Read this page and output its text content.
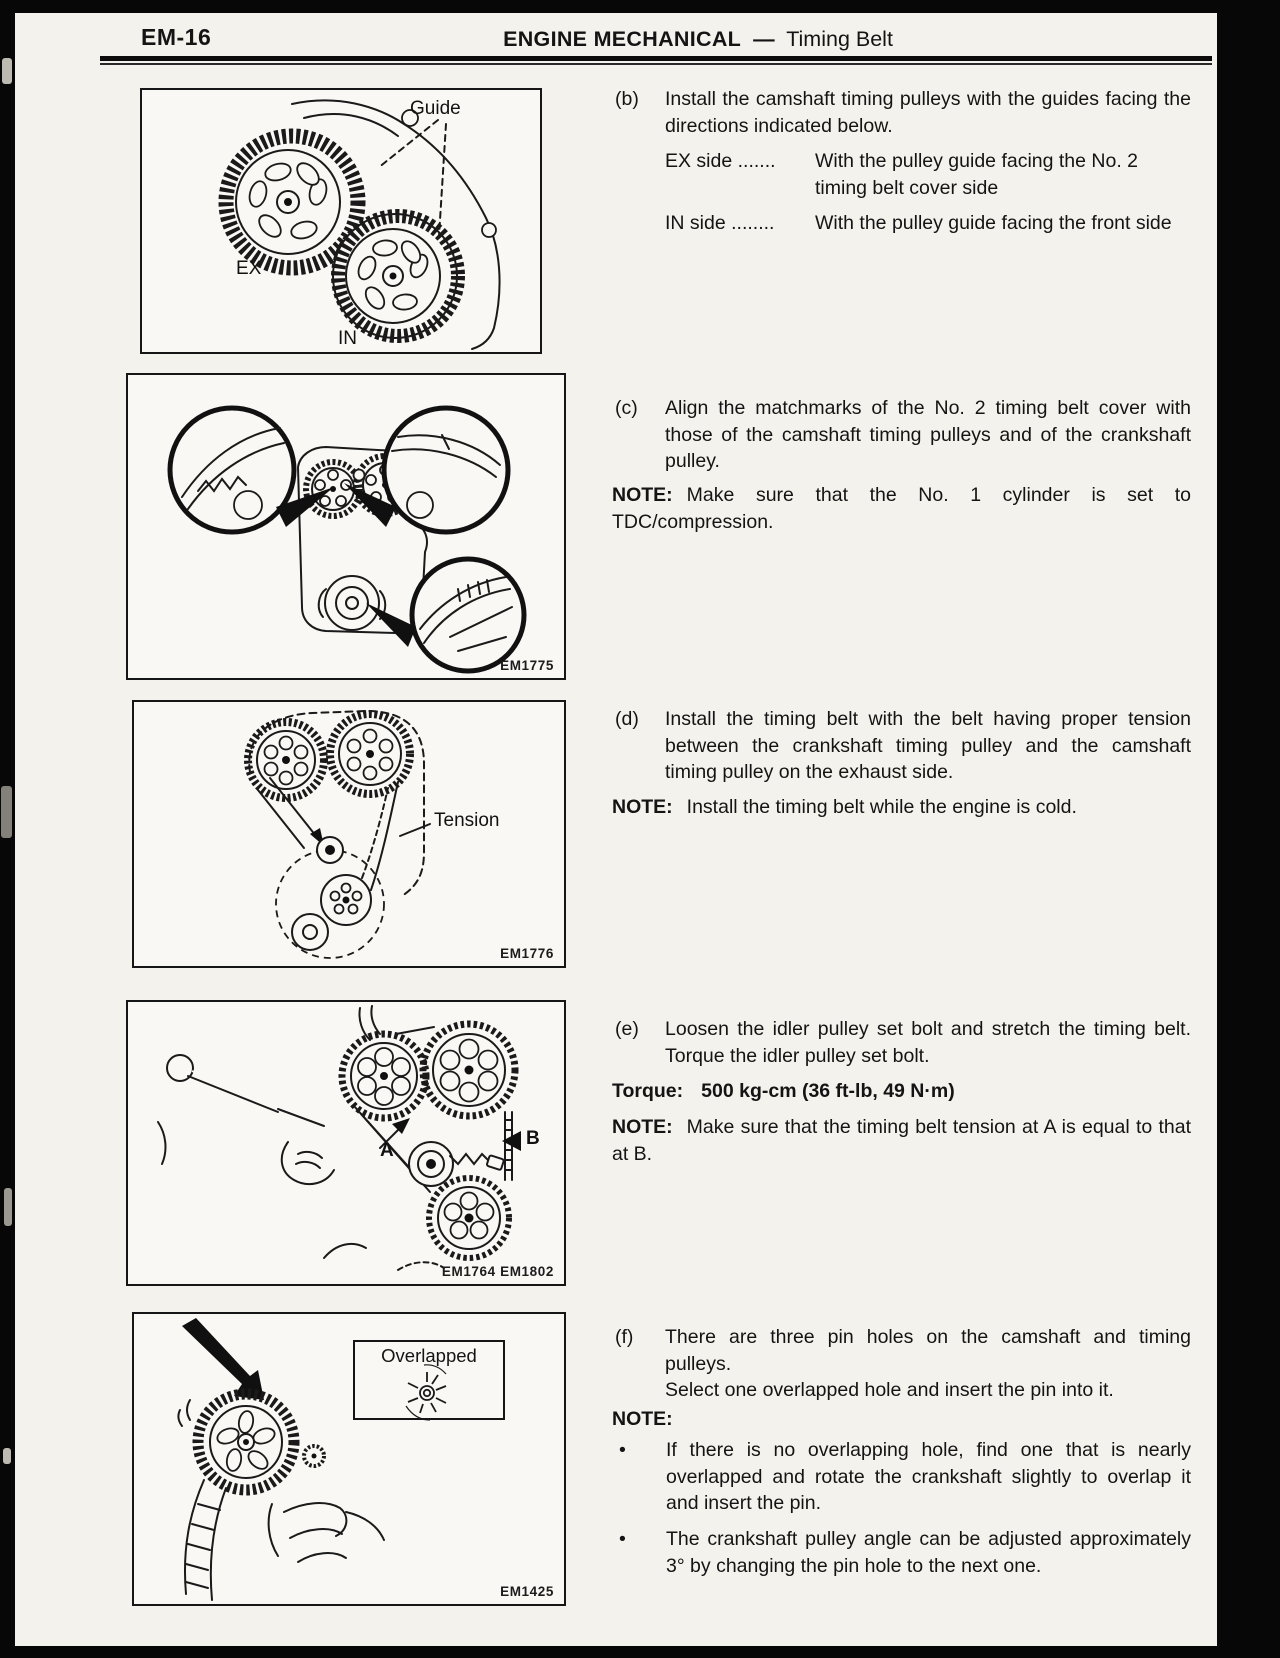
EM-16	ENGINE MECHANICAL — Timing Belt
Guide
EX
IN
EM1775
Tension
EM1776
A
B
EM1764 EM1802
Overlapped
EM1425
(b)	Install the camshaft timing pulleys with the guides facing the directions indicated below.
EX side .......	With the pulley guide facing the No. 2 timing belt cover side
IN side ........	With the pulley guide facing the front side
(c)	Align the matchmarks of the No. 2 timing belt cover with those of the camshaft timing pulleys and of the crankshaft pulley.
NOTE: Make sure that the No. 1 cylinder is set to TDC/compression.
(d)	Install the timing belt with the belt having proper tension between the crankshaft timing pulley and the camshaft timing pulley on the exhaust side.
NOTE: Install the timing belt while the engine is cold.
(e)	Loosen the idler pulley set bolt and stretch the timing belt. Torque the idler pulley set bolt.
Torque: 500 kg-cm (36 ft-lb, 49 N·m)
NOTE: Make sure that the timing belt tension at A is equal to that at B.
(f)	There are three pin holes on the camshaft and timing pulleys.
Select one overlapped hole and insert the pin into it.
NOTE:
•	If there is no overlapping hole, find one that is nearly overlapped and rotate the crankshaft slightly to overlap it and insert the pin.
•	The crankshaft pulley angle can be adjusted approximately 3° by changing the pin hole to the next one.
